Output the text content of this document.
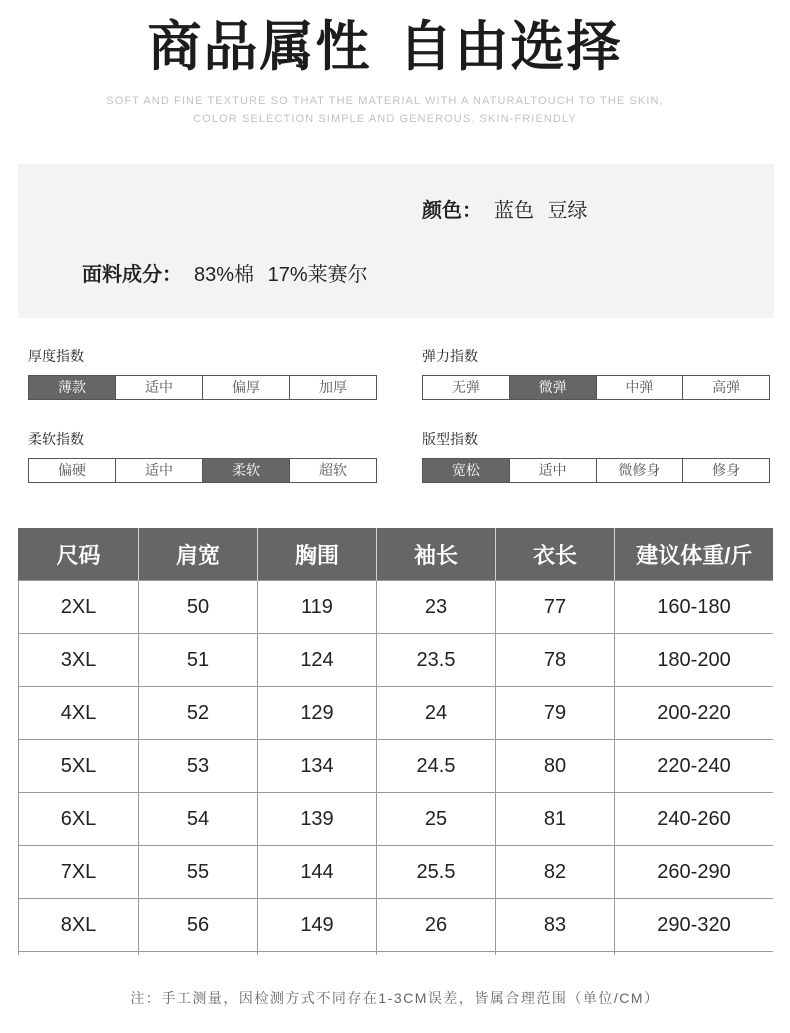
商品属性 自由选择
SOFT AND FINE TEXTURE SO THAT THE MATERIAL WITH A NATURALTOUCH TO THE SKIN,
COLOR SELECTION SIMPLE AND GENEROUS. SKIN-FRIENDLY
颜色： 蓝色 豆绿
面料成分： 83%棉 17%莱赛尔
厚度指数
薄款	适中	偏厚	加厚
弹力指数
无弹	微弹	中弹	高弹
柔软指数
偏硬	适中	柔软	超软
版型指数
宽松	适中	微修身	修身
尺码	肩宽	胸围	袖长	衣长	建议体重/斤
2XL	50	119	23	77	160-180
3XL	51	124	23.5	78	180-200
4XL	52	129	24	79	200-220
5XL	53	134	24.5	80	220-240
6XL	54	139	25	81	240-260
7XL	55	144	25.5	82	260-290
8XL	56	149	26	83	290-320

注：手工测量，因检测方式不同存在1-3CM误差，皆属合理范围（单位/CM）
